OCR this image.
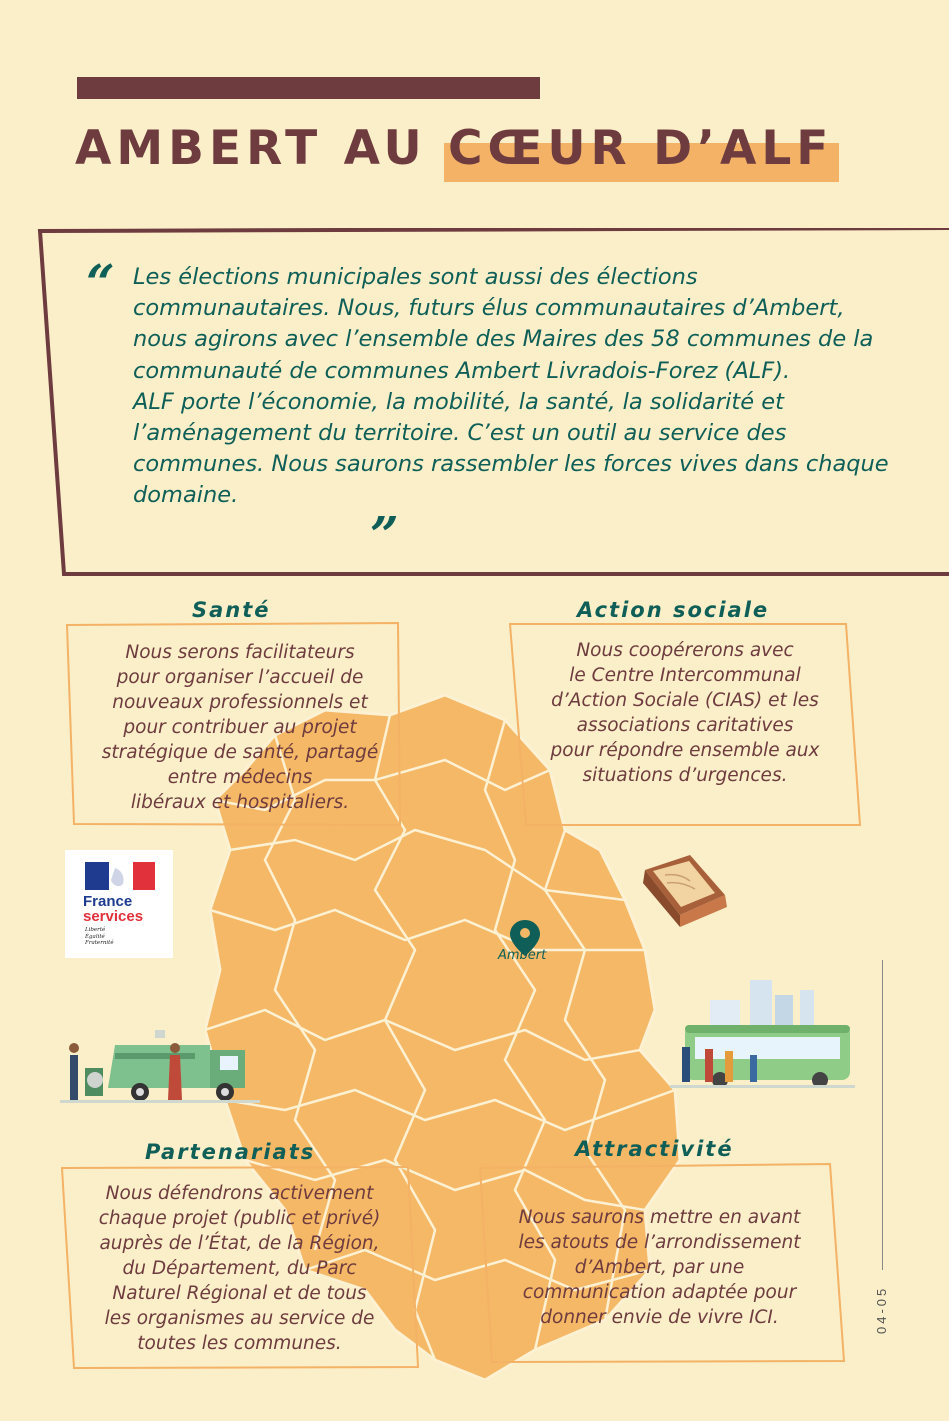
AMBERT AU CŒUR D’ALF
“ Les élections municipales sont aussi des élections communautaires. Nous, futurs élus communautaires d’Ambert, nous agirons avec l’ensemble des Maires des 58 communes de la communauté de communes Ambert Livradois-Forez (ALF).

ALF porte l’économie, la mobilité, la santé, la solidarité et l’aménagement du territoire. C’est un outil au service des communes. Nous saurons rassembler les forces vives dans chaque domaine.

”
Ambert
France
services
Liberté
Égalité
Fraternité
Santé
Nous serons facilitateurs
pour organiser l’accueil de
nouveaux professionnels et
pour contribuer au projet
stratégique de santé, partagé
entre médecins
libéraux et hospitaliers.
Action sociale
Nous coopérerons avec
le Centre Intercommunal
d’Action Sociale (CIAS) et les
associations caritatives
pour répondre ensemble aux
situations d’urgences.
Partenariats
Nous défendrons activement
chaque projet (public et privé)
auprès de l’État, de la Région,
du Département, du Parc
Naturel Régional et de tous
les organismes au service de
toutes les communes.
Attractivité
Nous saurons mettre en avant
les atouts de l’arrondissement
d’Ambert, par une
communication adaptée pour
donner envie de vivre ICI.	04-05
